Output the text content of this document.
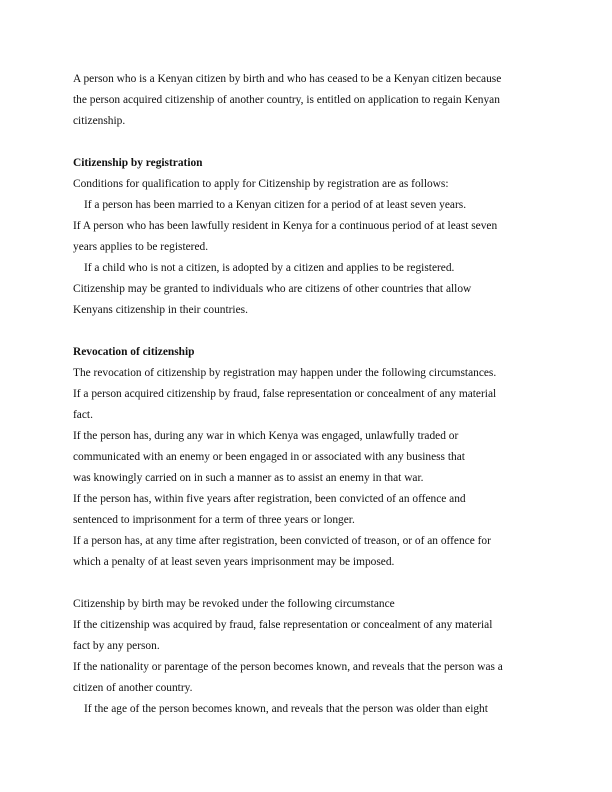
A person who is a Kenyan citizen by birth and who has ceased to be a Kenyan citizen because
the person acquired citizenship of another country, is entitled on application to regain Kenyan
citizenship.
Citizenship by registration
Conditions for qualification to apply for Citizenship by registration are as follows:
If a person has been married to a Kenyan citizen for a period of at least seven years.
If A person who has been lawfully resident in Kenya for a continuous period of at least seven
years applies to be registered.
If a child who is not a citizen, is adopted by a citizen and applies to be registered.
Citizenship may be granted to individuals who are citizens of other countries that allow
Kenyans citizenship in their countries.
Revocation of citizenship
The revocation of citizenship by registration may happen under the following circumstances.
If a person acquired citizenship by fraud, false representation or concealment of any material
fact.
If the person has, during any war in which Kenya was engaged, unlawfully traded or
communicated with an enemy or been engaged in or associated with any business that
was knowingly carried on in such a manner as to assist an enemy in that war.
If the person has, within five years after registration, been convicted of an offence and
sentenced to imprisonment for a term of three years or longer.
If a person has, at any time after registration, been convicted of treason, or of an offence for
which a penalty of at least seven years imprisonment may be imposed.
Citizenship by birth may be revoked under the following circumstance
If the citizenship was acquired by fraud, false representation or concealment of any material
fact by any person.
If the nationality or parentage of the person becomes known, and reveals that the person was a
citizen of another country.
If the age of the person becomes known, and reveals that the person was older than eight
